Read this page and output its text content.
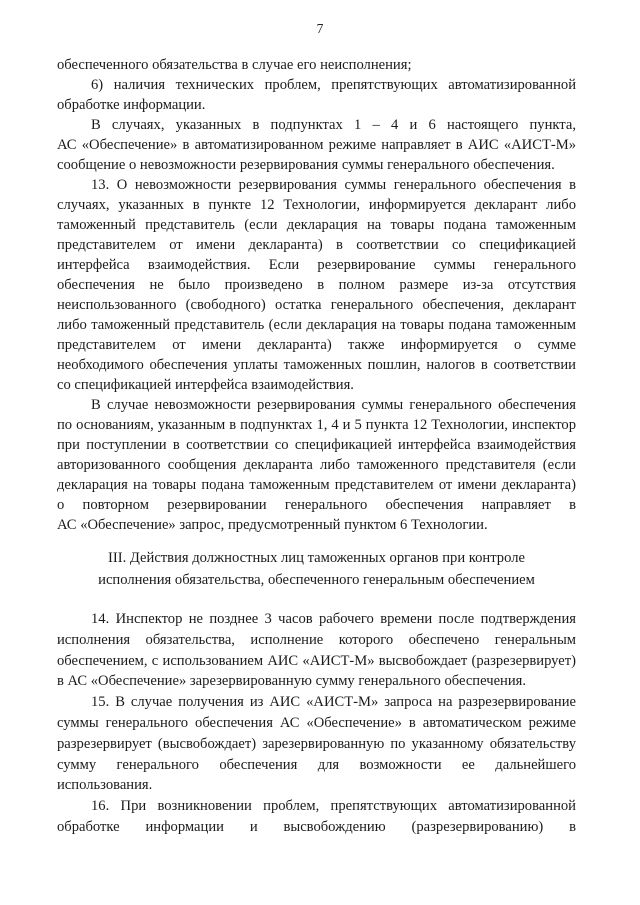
7
обеспеченного обязательства в случае его неисполнения;
6) наличия технических проблем, препятствующих автоматизированной
обработке информации.
В случаях, указанных в подпунктах 1 – 4 и 6 настоящего пункта,
АС «Обеспечение» в автоматизированном режиме направляет в АИС «АИСТ-М»
сообщение о невозможности резервирования суммы генерального обеспечения.
13. О невозможности резервирования суммы генерального обеспечения в
случаях, указанных в пункте 12 Технологии, информируется декларант либо
таможенный представитель (если декларация на товары подана таможенным
представителем от имени декларанта) в соответствии со спецификацией
интерфейса взаимодействия. Если резервирование суммы генерального
обеспечения не было произведено в полном размере из-за отсутствия
неиспользованного (свободного) остатка генерального обеспечения, декларант
либо таможенный представитель (если декларация на товары подана таможенным
представителем от имени декларанта) также информируется о сумме
необходимого обеспечения уплаты таможенных пошлин, налогов в соответствии
со спецификацией интерфейса взаимодействия.
В случае невозможности резервирования суммы генерального обеспечения
по основаниям, указанным в подпунктах 1, 4 и 5 пункта 12 Технологии, инспектор
при поступлении в соответствии со спецификацией интерфейса взаимодействия
авторизованного сообщения декларанта либо таможенного представителя (если
декларация на товары подана таможенным представителем от имени декларанта)
о повторном резервировании генерального обеспечения направляет в
АС «Обеспечение» запрос, предусмотренный пунктом 6 Технологии.
III. Действия должностных лиц таможенных органов при контроле
исполнения обязательства, обеспеченного генеральным обеспечением
14. Инспектор не позднее 3 часов рабочего времени после подтверждения
исполнения обязательства, исполнение которого обеспечено генеральным
обеспечением, с использованием АИС «АИСТ-М» высвобождает (разрезервирует)
в АС «Обеспечение» зарезервированную сумму генерального обеспечения.
15. В случае получения из АИС «АИСТ-М» запроса на разрезервирование
суммы генерального обеспечения АС «Обеспечение» в автоматическом режиме
разрезервирует (высвобождает) зарезервированную по указанному обязательству
сумму генерального обеспечения для возможности ее дальнейшего
использования.
16. При возникновении проблем, препятствующих автоматизированной
обработке информации и высвобождению (разрезервированию) в
